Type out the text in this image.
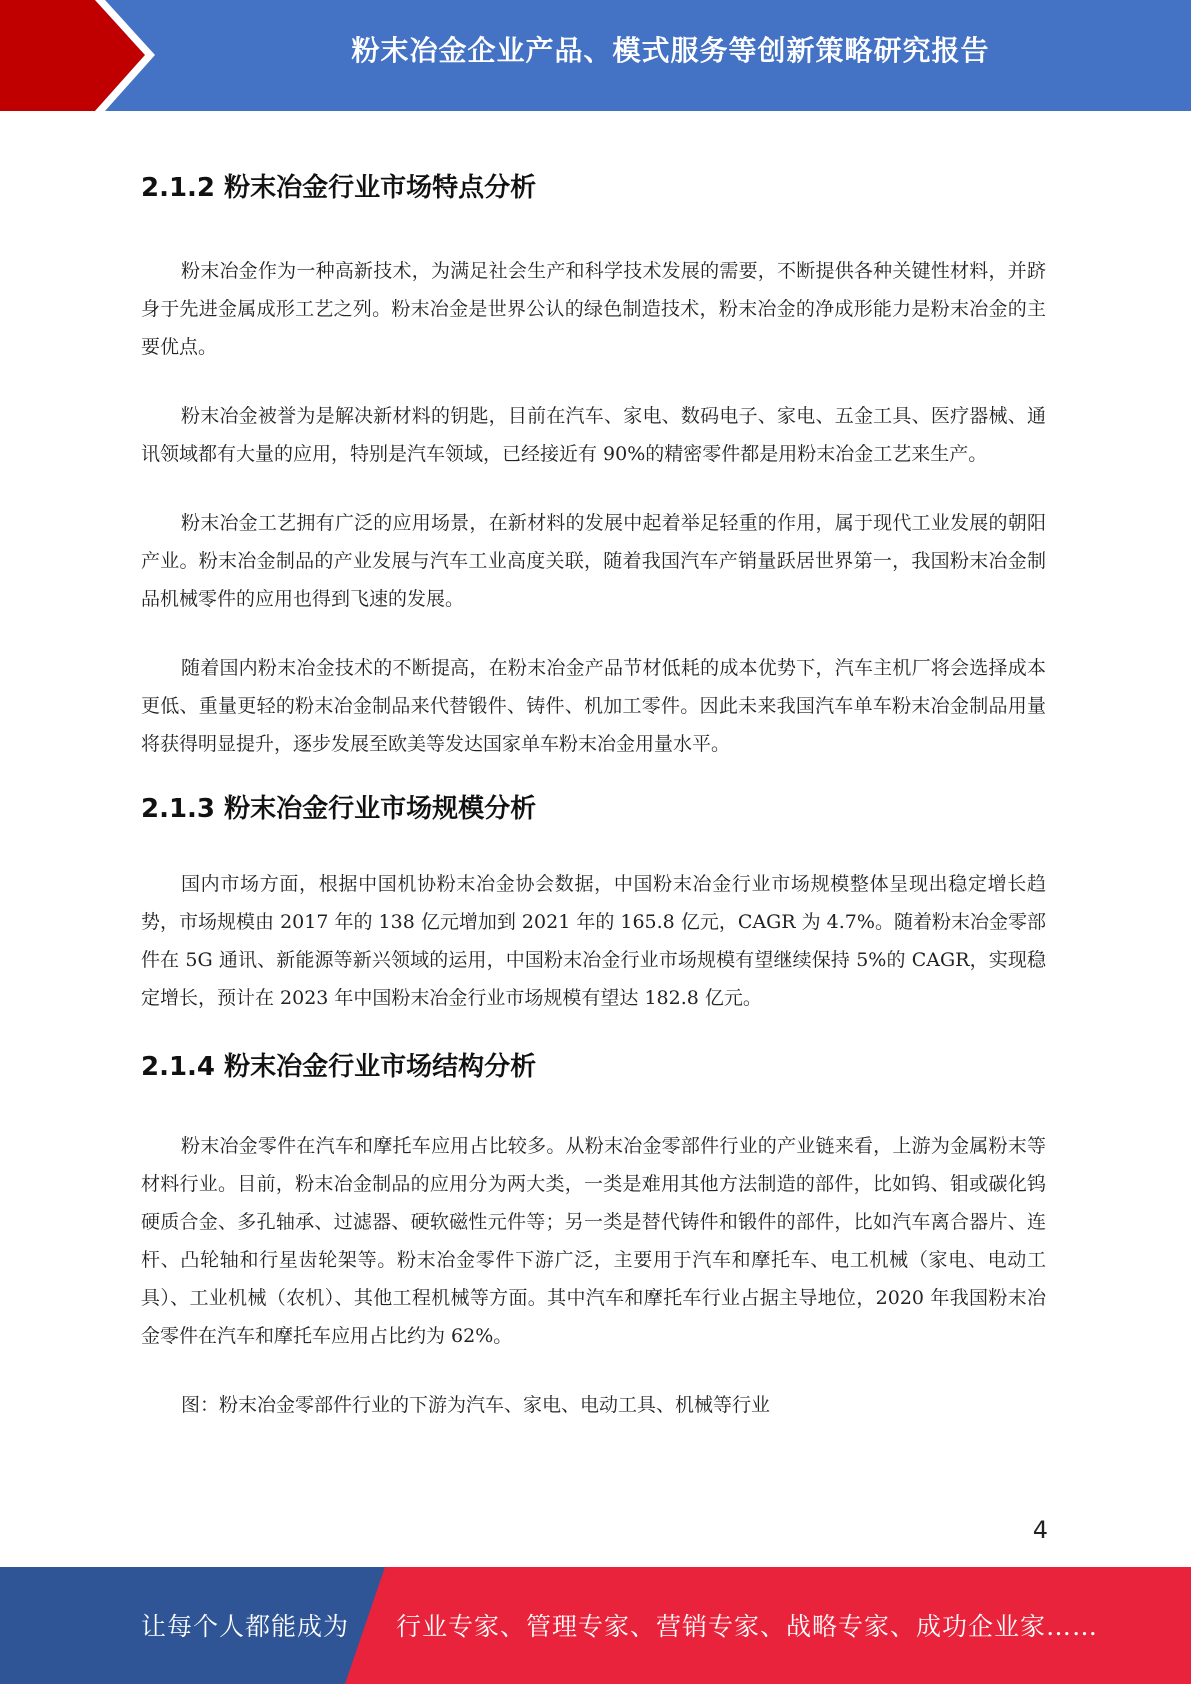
粉末冶金企业产品、模式服务等创新策略研究报告
2.1.2 粉末冶金行业市场特点分析

粉末冶金作为一种高新技术，为满足社会生产和科学技术发展的需要，不断提供各种关键性材料，并跻身于先进金属成形工艺之列。粉末冶金是世界公认的绿色制造技术，粉末冶金的净成形能力是粉末冶金的主要优点。

粉末冶金被誉为是解决新材料的钥匙，目前在汽车、家电、数码电子、家电、五金工具、医疗器械、通讯领域都有大量的应用，特别是汽车领域，已经接近有 90%的精密零件都是用粉末冶金工艺来生产。

粉末冶金工艺拥有广泛的应用场景，在新材料的发展中起着举足轻重的作用，属于现代工业发展的朝阳产业。粉末冶金制品的产业发展与汽车工业高度关联，随着我国汽车产销量跃居世界第一，我国粉末冶金制品机械零件的应用也得到飞速的发展。

随着国内粉末冶金技术的不断提高，在粉末冶金产品节材低耗的成本优势下，汽车主机厂将会选择成本更低、重量更轻的粉末冶金制品来代替锻件、铸件、机加工零件。因此未来我国汽车单车粉末冶金制品用量将获得明显提升，逐步发展至欧美等发达国家单车粉末冶金用量水平。

2.1.3 粉末冶金行业市场规模分析

国内市场方面，根据中国机协粉末冶金协会数据，中国粉末冶金行业市场规模整体呈现出稳定增长趋势，市场规模由 2017 年的 138 亿元增加到 2021 年的 165.8 亿元，CAGR 为 4.7%。随着粉末冶金零部件在 5G 通讯、新能源等新兴领域的运用，中国粉末冶金行业市场规模有望继续保持 5%的 CAGR，实现稳定增长，预计在 2023 年中国粉末冶金行业市场规模有望达 182.8 亿元。

2.1.4 粉末冶金行业市场结构分析

粉末冶金零件在汽车和摩托车应用占比较多。从粉末冶金零部件行业的产业链来看，上游为金属粉末等材料行业。目前，粉末冶金制品的应用分为两大类，一类是难用其他方法制造的部件，比如钨、钼或碳化钨硬质合金、多孔轴承、过滤器、硬软磁性元件等；另一类是替代铸件和锻件的部件，比如汽车离合器片、连杆、凸轮轴和行星齿轮架等。粉末冶金零件下游广泛，主要用于汽车和摩托车、电工机械（家电、电动工具）、工业机械（农机）、其他工程机械等方面。其中汽车和摩托车行业占据主导地位，2020 年我国粉末冶金零件在汽车和摩托车应用占比约为 62%。

图：粉末冶金零部件行业的下游为汽车、家电、电动工具、机械等行业

4
让每个人都能成为 行业专家、管理专家、营销专家、战略专家、成功企业家……
